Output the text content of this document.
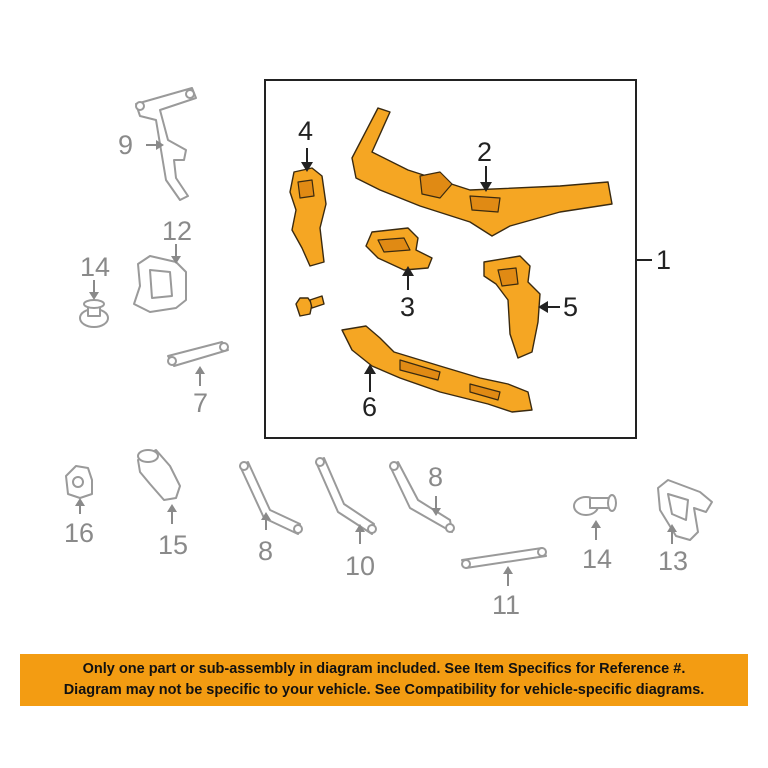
1
2
3
4
5
6
9
12
14
7
16 15	8	10
8
11
14 13
Only one part or sub-assembly in diagram included. See Item Specifics for Reference #.
Diagram may not be specific to your vehicle. See Compatibility for vehicle-specific diagrams.
